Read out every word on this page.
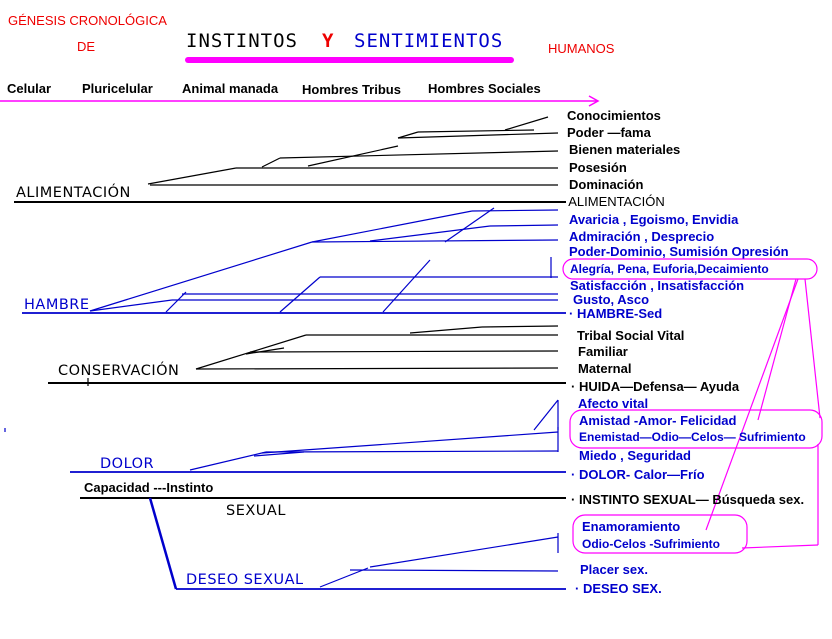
GÉNESIS CRONOLÓGICA
DE	INSTINTOS Y SENTIMIENTOS	HUMANOS
Celular Pluricelular Animal manada Hombres Tribus Hombres Sociales
ALIMENTACIÓN
HAMBRE
CONSERVACIÓN
DOLOR
Capacidad ---Instinto
SEXUAL
DESEO SEXUAL
Conocimientos
Poder —fama
Bienen materiales
Posesión
Dominación
· ALIMENTACIÓN
Avaricia , Egoismo, Envidia
Admiración , Desprecio
Poder-Dominio, Sumisión Opresión
Alegría, Pena, Euforia,Decaimiento
Satisfacción , Insatisfacción
Gusto, Asco
· HAMBRE-Sed
Tribal Social Vital
Familiar
Maternal
· HUIDA—Defensa— Ayuda
Afecto vital
Amistad -Amor- Felicidad
Enemistad—Odio—Celos— Sufrimiento
Miedo , Seguridad
· DOLOR- Calor—Frío
· INSTINTO SEXUAL— Búsqueda sex.
Enamoramiento
Odio-Celos -Sufrimiento
Placer sex.
· DESEO SEX.
